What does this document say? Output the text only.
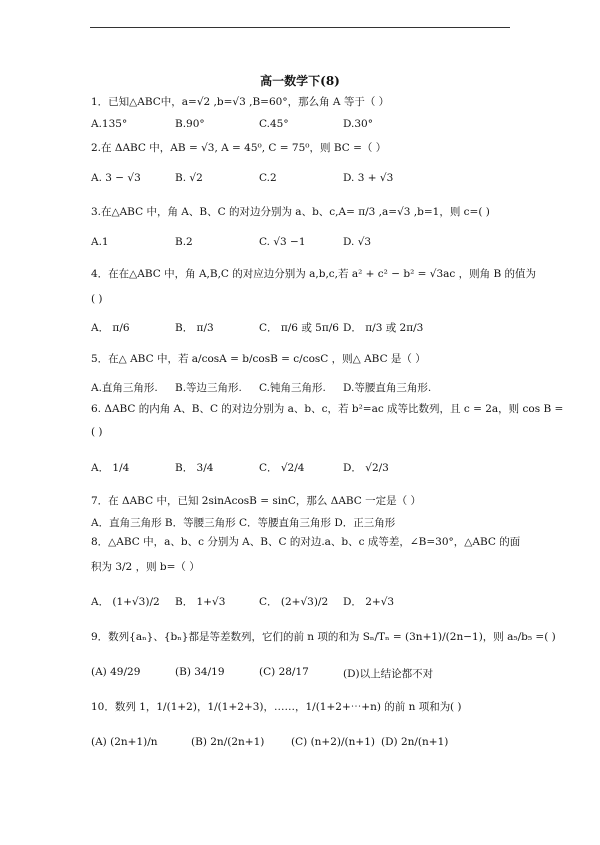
高一数学下(8)
1．已知△ABC中，a=√2 ,b=√3 ,B=60°，那么角 A 等于（ ）
A.135°	B.90°	C.45°	D.30°
2.在 ΔABC 中，AB = √3, A = 45⁰, C = 75⁰，则 BC =（ ）
A. 3 − √3	B. √2	C.2	D. 3 + √3
3.在△ABC 中，角 A、B、C 的对边分别为 a、b、c,A= π/3 ,a=√3 ,b=1，则 c=( )
A.1	B.2	C. √3 −1	D. √3
4．在在△ABC 中，角 A,B,C 的对应边分别为 a,b,c,若 a² + c² − b² = √3ac ，则角 B 的值为
( )
A． π/6	B． π/3	C． π/6 或 5π/6 D． π/3 或 2π/3
5．在△ ABC 中，若 a/cosA = b/cosB = c/cosC ，则△ ABC 是（ ）
A.直角三角形. B.等边三角形. C.钝角三角形. D.等腰直角三角形.
6. ΔABC 的内角 A、B、C 的对边分别为 a、b、c，若 b²=ac 成等比数列，且 c = 2a，则 cos B =
( )
A． 1/4	B． 3/4	C． √2/4	D． √2/3
7．在 ΔABC 中，已知 2sinAcosB = sinC，那么 ΔABC 一定是（ ）
A．直角三角形 B．等腰三角形 C．等腰直角三角形 D．正三角形
8．△ABC 中，a、b、c 分别为 A、B、C 的对边.a、b、c 成等差，∠B=30°，△ABC 的面
积为 3/2 ，则 b=（ ）
A． (1+√3)/2 B． 1+√3	C． (2+√3)/2 D． 2+√3
9．数列{aₙ}、{bₙ}都是等差数列，它们的前 n 项的和为 Sₙ/Tₙ = (3n+1)/(2n−1)，则 a₅/b₅ =( )
(A) 49/29	(B) 34/19	(C) 28/17	(D)以上结论都不对
10．数列 1，1/(1+2)，1/(1+2+3)，……，1/(1+2+⋯+n) 的前 n 项和为 ( )
(A) (2n+1)/n	(B) 2n/(2n+1)	(C) (n+2)/(n+1) (D) 2n/(n+1)
